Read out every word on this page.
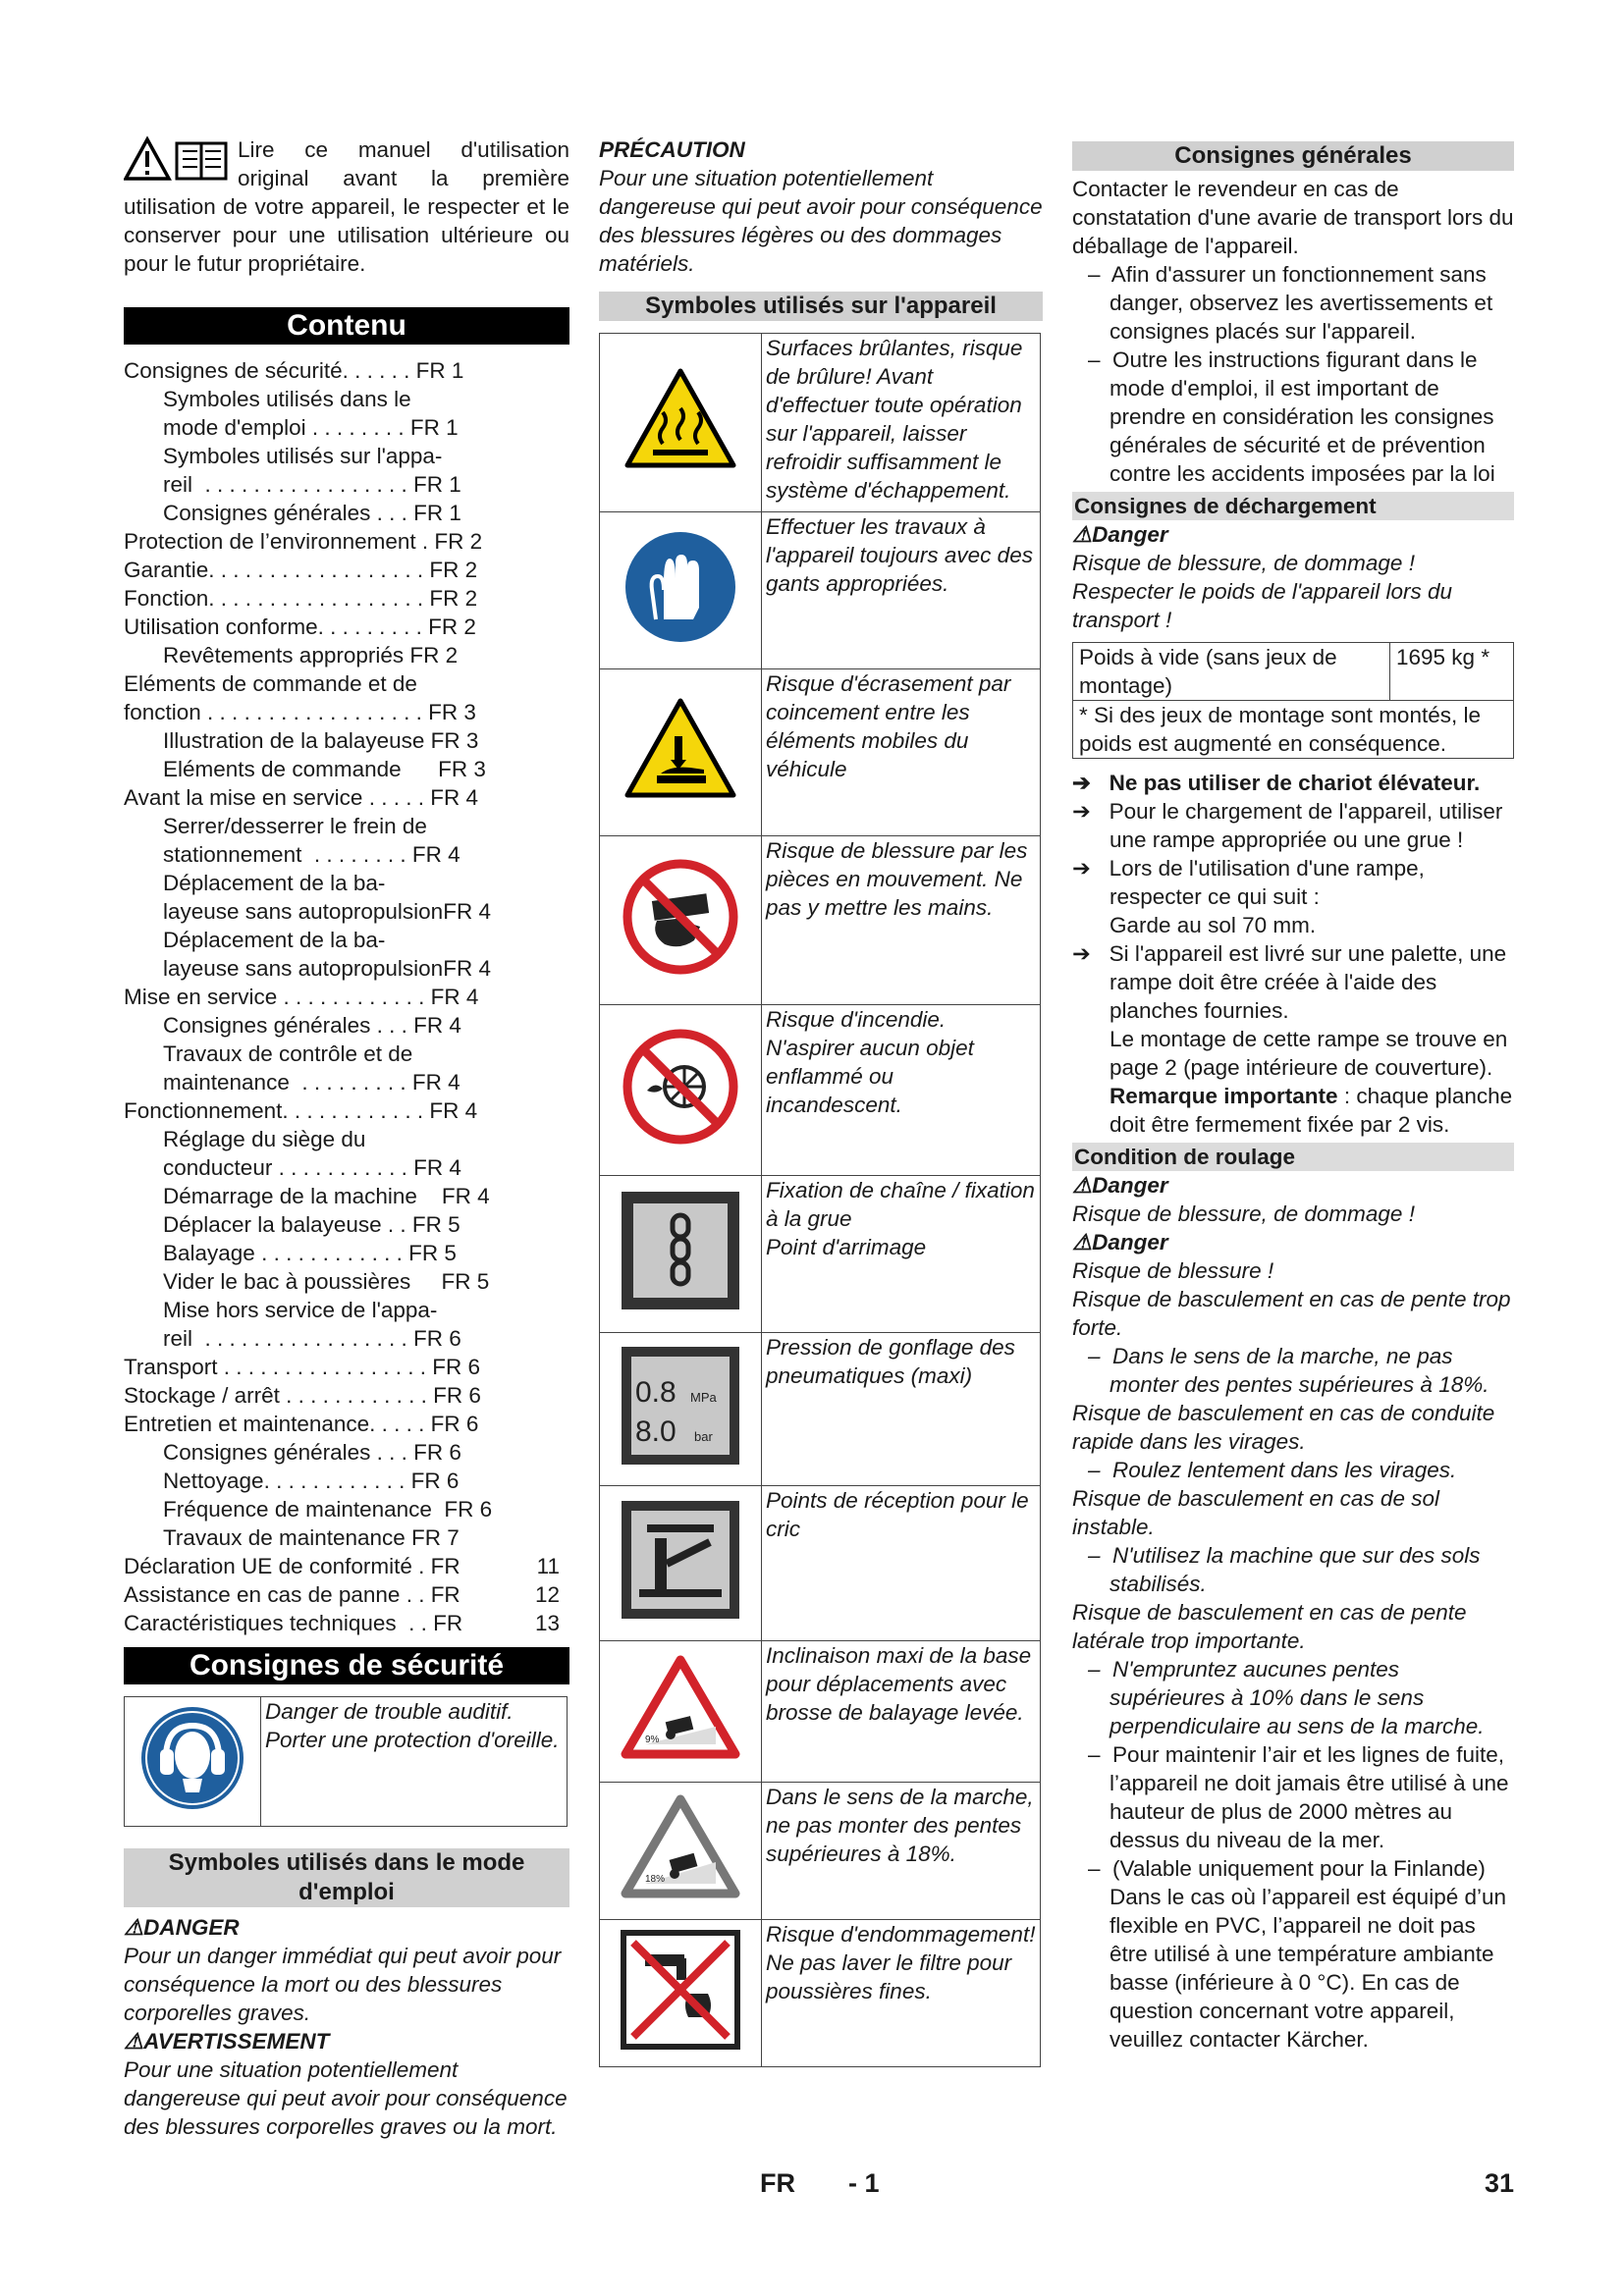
Lire ce manuel d'utilisation original avant la première utilisation de votre appareil, le respecter et le conserver pour une utilisation ultérieure ou pour le futur propriétaire.

Contenu
Consignes de sécurité. . . . . . FR 1
Symboles utilisés dans le
mode d'emploi . . . . . . . . FR 1
Symboles utilisés sur l'appa-
reil  . . . . . . . . . . . . . . . . . FR 1
Consignes générales . . . FR 1
Protection de l’environnement . FR 2
Garantie. . . . . . . . . . . . . . . . . . FR 2
Fonction. . . . . . . . . . . . . . . . . . FR 2
Utilisation conforme. . . . . . . . . FR 2
Revêtements appropriés FR 2
Eléments de commande et de
fonction . . . . . . . . . . . . . . . . . . FR 3
Illustration de la balayeuse FR 3
Eléments de commande      FR 3
Avant la mise en service . . . . . FR 4
Serrer/desserrer le frein de
stationnement  . . . . . . . . FR 4
Déplacement de la ba-
layeuse sans autopropulsionFR 4
Déplacement de la ba-
layeuse sans autopropulsionFR 4
Mise en service . . . . . . . . . . . . FR 4
Consignes générales . . . FR 4
Travaux de contrôle et de
maintenance  . . . . . . . . . FR 4
Fonctionnement. . . . . . . . . . . . FR 4
Réglage du siège du
conducteur . . . . . . . . . . . FR 4
Démarrage de la machine    FR 4
Déplacer la balayeuse . . FR 5
Balayage . . . . . . . . . . . . FR 5
Vider le bac à poussières     FR 5
Mise hors service de l'appa-
reil  . . . . . . . . . . . . . . . . . FR 6
Transport . . . . . . . . . . . . . . . . . FR 6
Stockage / arrêt . . . . . . . . . . . . FR 6
Entretien et maintenance. . . . . FR 6
Consignes générales . . . FR 6
Nettoyage. . . . . . . . . . . . FR 6
Fréquence de maintenance  FR 6
Travaux de maintenance FR 7
Déclaration UE de conformité . FR	11
Assistance en cas de panne . . FR	12
Caractéristiques techniques  . . FR	13
Consignes de sécurité
	Danger de trouble auditif. Porter une protection d'oreille.
Symboles utilisés dans le mode d'emploi

⚠DANGER

Pour un danger immédiat qui peut avoir pour conséquence la mort ou des blessures corporelles graves.

⚠AVERTISSEMENT

Pour une situation potentiellement dangereuse qui peut avoir pour conséquence des blessures corporelles graves ou la mort.

PRÉCAUTION

Pour une situation potentiellement dangereuse qui peut avoir pour conséquence des blessures légères ou des dommages matériels.

Symboles utilisés sur l'appareil
	Surfaces brûlantes, risque de brûlure! Avant d'effectuer toute opération sur l'appareil, laisser refroidir suffisamment le système d'échappement.
	Effectuer les travaux à l'appareil toujours avec des gants appropriées.
	Risque d'écrasement par coincement entre les éléments mobiles du véhicule
	Risque de blessure par les pièces en mouvement. Ne pas y mettre les mains.
	Risque d'incendie. N'aspirer aucun objet enflammé ou incandescent.
	Fixation de chaîne / fixation à la grue
Point d'arrimage

0.8 MPa
8.0 bar	Pression de gonflage des pneumatiques (maxi)
	Points de réception pour le cric

9%	Inclinaison maxi de la base pour déplacements avec brosse de balayage levée.

18%	Dans le sens de la marche, ne pas monter des pentes supérieures à 18%.
	Risque d'endommagement!
Ne pas laver le filtre pour poussières fines.
Consignes générales

Contacter le revendeur en cas de constatation d'une avarie de transport lors du déballage de l'appareil.

–  Afin d'assurer un fonctionnement sans danger, observez les avertissements et consignes placés sur l'appareil.

–  Outre les instructions figurant dans le mode d'emploi, il est important de prendre en considération les consignes générales de sécurité et de prévention contre les accidents imposées par la loi

Consignes de déchargement

⚠Danger

Risque de blessure, de dommage ! Respecter le poids de l'appareil lors du transport !

Poids à vide (sans jeux de montage)	1695 kg *
* Si des jeux de montage sont montés, le poids est augmenté en conséquence.

➔   Ne pas utiliser de chariot élévateur.

➔   Pour le chargement de l'appareil, utiliser une rampe appropriée ou une grue !

➔   Lors de l'utilisation d'une rampe, respecter ce qui suit :

Garde au sol 70 mm.

➔   Si l'appareil est livré sur une palette, une rampe doit être créée à l'aide des planches fournies.

Le montage de cette rampe se trouve en page 2 (page intérieure de couverture).

Remarque importante : chaque planche doit être fermement fixée par 2 vis.

Condition de roulage

⚠Danger

Risque de blessure, de dommage !

⚠Danger

Risque de blessure !

Risque de basculement en cas de pente trop forte.

–  Dans le sens de la marche, ne pas monter des pentes supérieures à 18%.

Risque de basculement en cas de conduite rapide dans les virages.

–  Roulez lentement dans les virages.

Risque de basculement en cas de sol instable.

–  N'utilisez la machine que sur des sols stabilisés.

Risque de basculement en cas de pente latérale trop importante.

–  N'empruntez aucunes pentes supérieures à 10% dans le sens perpendiculaire au sens de la marche.

–  Pour maintenir l’air et les lignes de fuite, l’appareil ne doit jamais être utilisé à une hauteur de plus de 2000 mètres au dessus du niveau de la mer.

–  (Valable uniquement pour la Finlande) Dans le cas où l’appareil est équipé d’un flexible en PVC, l’appareil ne doit pas être utilisé à une température ambiante basse (inférieure à 0 °C). En cas de question concernant votre appareil, veuillez contacter Kärcher.

FR - 1	31
